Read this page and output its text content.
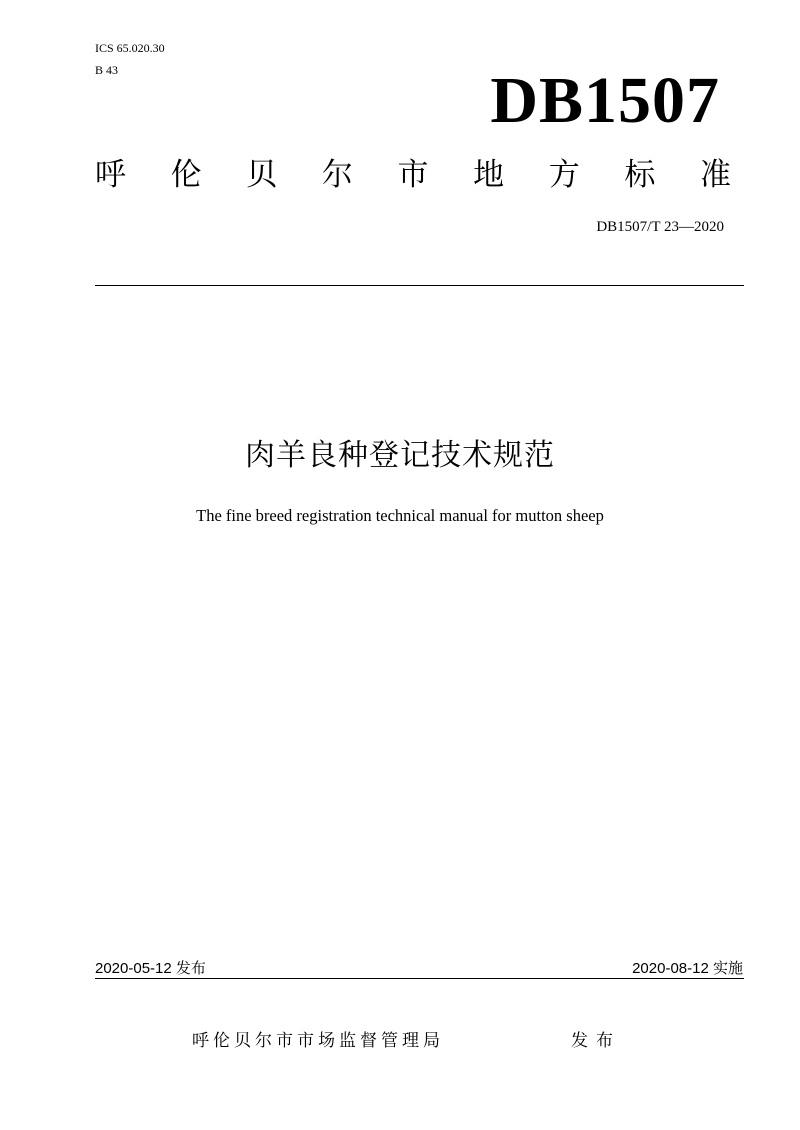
ICS 65.020.30
B 43	DB1507
呼 伦 贝 尔 市 地 方 标 准
DB1507/T 23—2020
肉羊良种登记技术规范
The fine breed registration technical manual for mutton sheep
2020-05-12 发布	2020-08-12 实施
呼伦贝尔市市场监督管理局	发布
